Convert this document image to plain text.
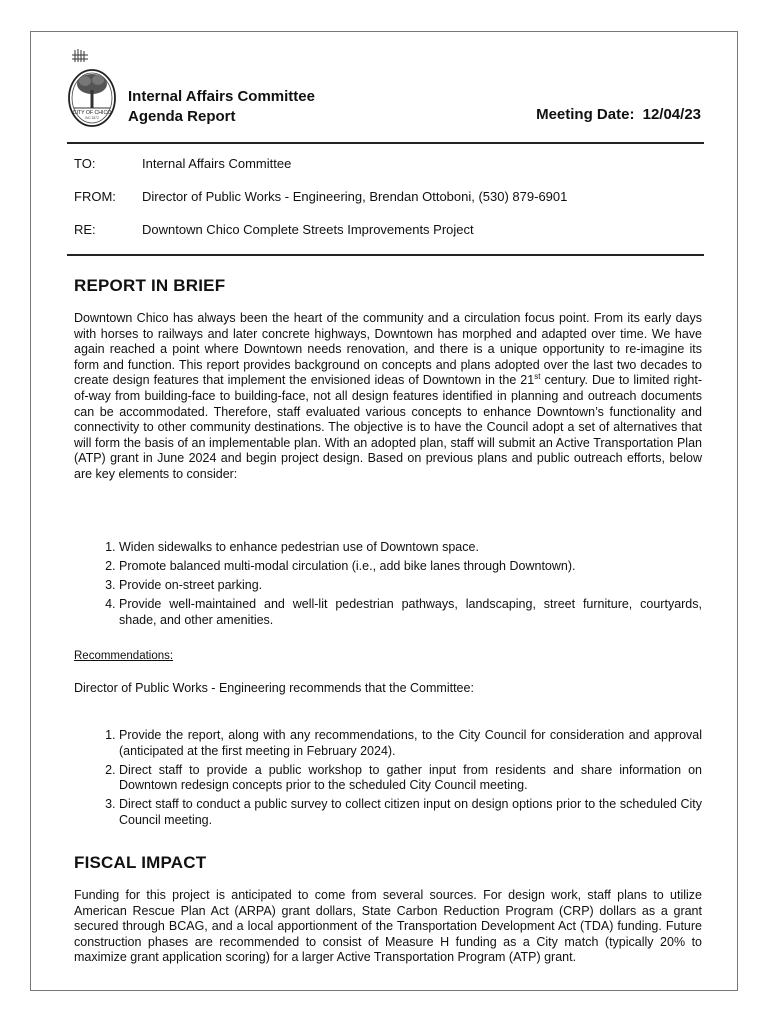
CITY OF CHICO
INC 1872
Internal Affairs Committee
Agenda Report	Meeting Date: 12/04/23
TO:	Internal Affairs Committee
FROM:	Director of Public Works - Engineering, Brendan Ottoboni, (530) 879-6901
RE:	Downtown Chico Complete Streets Improvements Project
REPORT IN BRIEF

Downtown Chico has always been the heart of the community and a circulation focus point. From its early days with horses to railways and later concrete highways, Downtown has morphed and adapted over time. We have again reached a point where Downtown needs renovation, and there is a unique opportunity to re-imagine its form and function. This report provides background on concepts and plans adopted over the last two decades to create design features that implement the envisioned ideas of Downtown in the 21st century. Due to limited right-of-way from building-face to building-face, not all design features identified in planning and outreach documents can be accommodated. Therefore, staff evaluated various concepts to enhance Downtown’s functionality and connectivity to other community destinations. The objective is to have the Council adopt a set of alternatives that will form the basis of an implementable plan. With an adopted plan, staff will submit an Active Transportation Plan (ATP) grant in June 2024 and begin project design. Based on previous plans and public outreach efforts, below are key elements to consider:

1. Widen sidewalks to enhance pedestrian use of Downtown space.
2. Promote balanced multi-modal circulation (i.e., add bike lanes through Downtown).
3. Provide on-street parking.
4. Provide well-maintained and well-lit pedestrian pathways, landscaping, street furniture, courtyards, shade, and other amenities.
Recommendations:
Director of Public Works - Engineering recommends that the Committee:
1. Provide the report, along with any recommendations, to the City Council for consideration and approval (anticipated at the first meeting in February 2024).
2. Direct staff to provide a public workshop to gather input from residents and share information on Downtown redesign concepts prior to the scheduled City Council meeting.
3. Direct staff to conduct a public survey to collect citizen input on design options prior to the scheduled City Council meeting.
FISCAL IMPACT

Funding for this project is anticipated to come from several sources. For design work, staff plans to utilize American Rescue Plan Act (ARPA) grant dollars, State Carbon Reduction Program (CRP) dollars as a grant secured through BCAG, and a local apportionment of the Transportation Development Act (TDA) funding. Future construction phases are recommended to consist of Measure H funding as a City match (typically 20% to maximize grant application scoring) for a larger Active Transportation Program (ATP) grant.
